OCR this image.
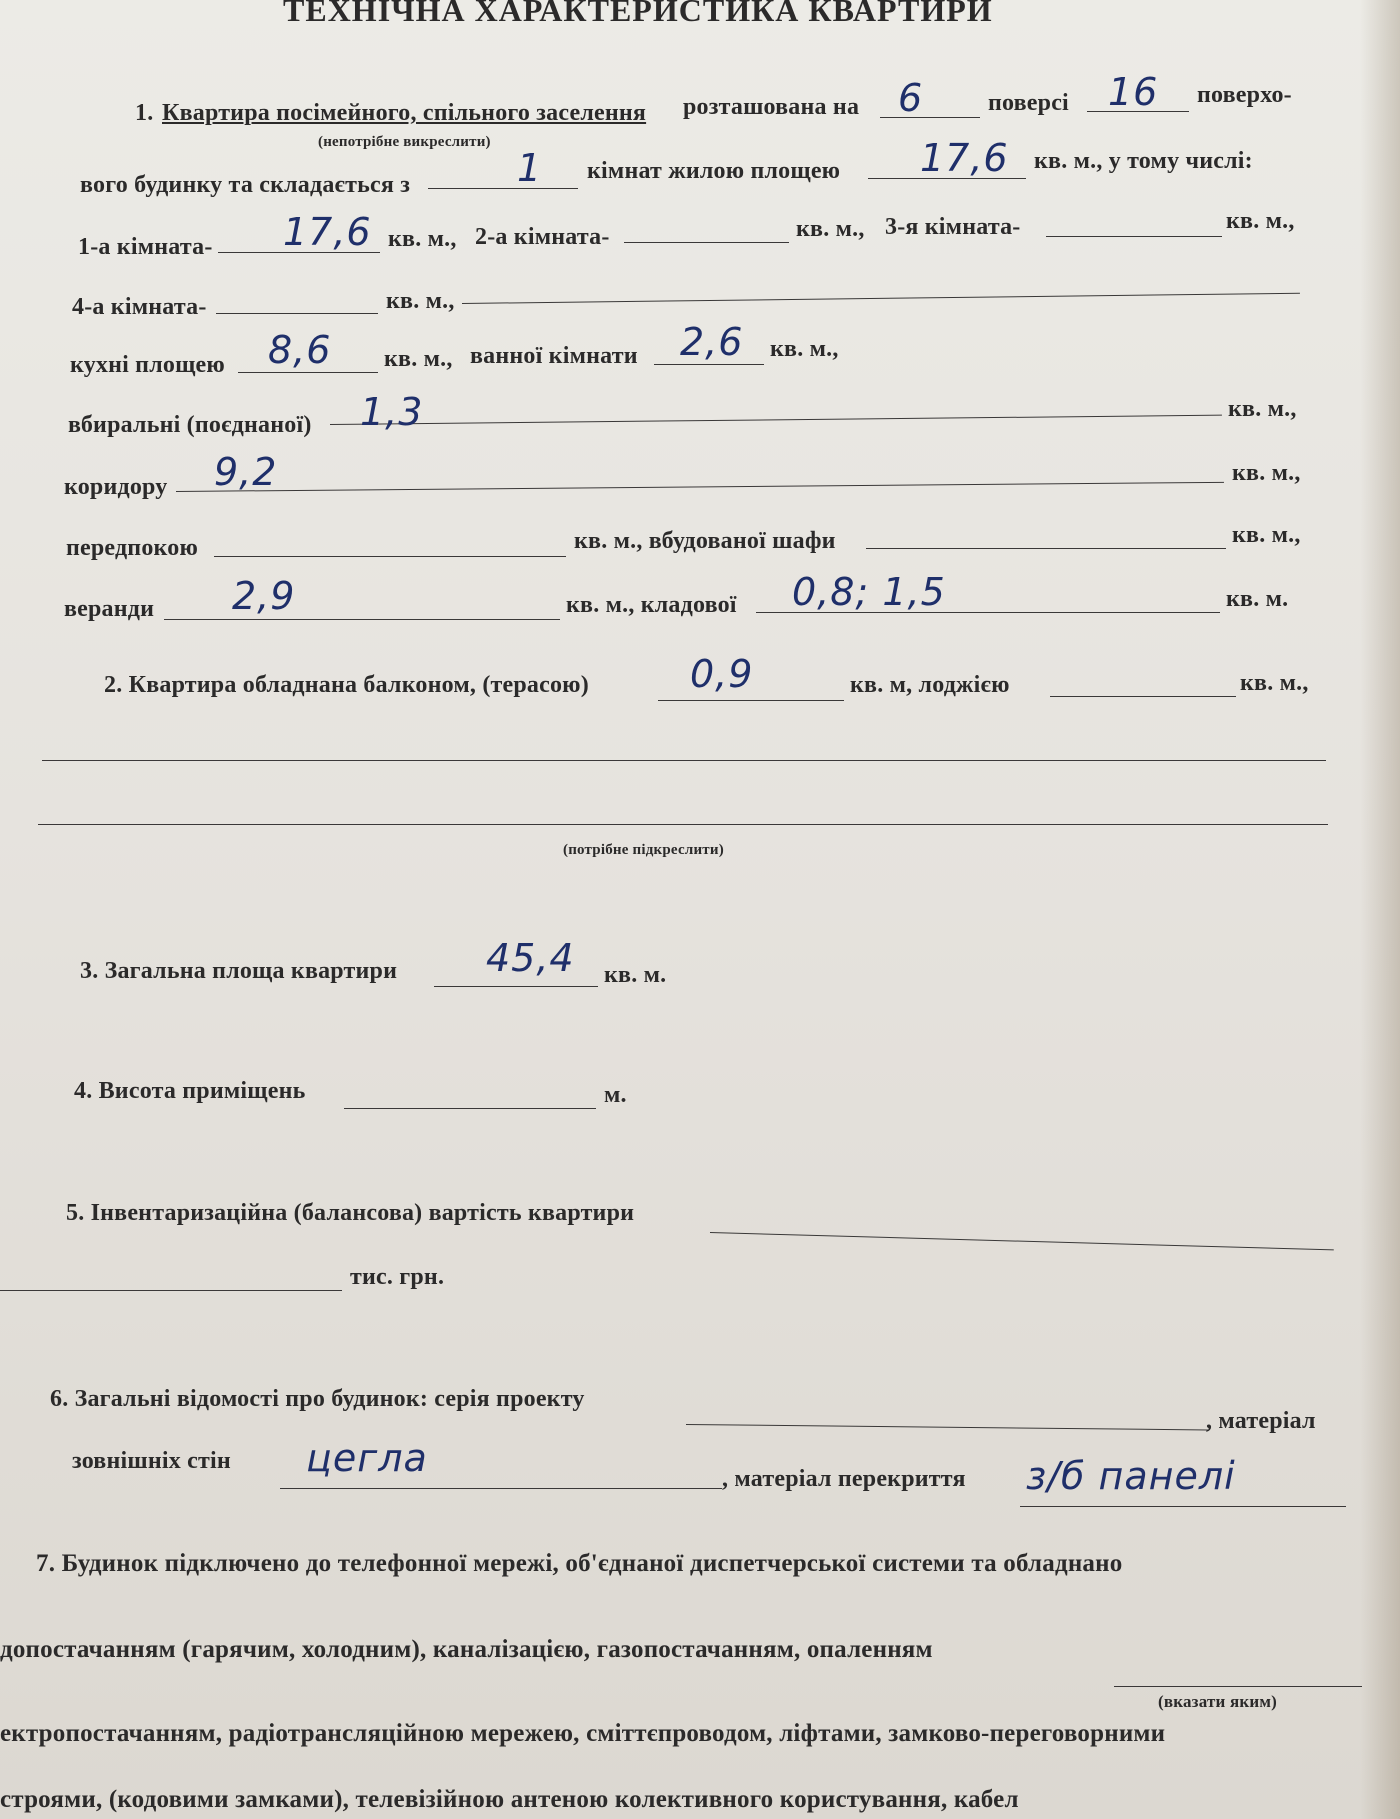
ТЕХНІЧНА ХАРАКТЕРИСТИКА КВАРТИРИ
1. Квартира посімейного, спільного заселення розташована на 6	поверсі 16 поверхо-
(непотрібне викреслити)
вого будинку та складається з	1 кімнат жилою площею 17,6 кв. м., у тому числі:
1-а кімната- 17,6 кв. м., 2-а кімната-	кв. м., 3-я кімната-	кв. м.,
4-а кімната-	кв. м.,
кухні площею 8,6 кв. м., ванної кімнати 2,6 кв. м.,
вбиральні (поєднаної) 1,3	кв. м.,
коридору 9,2	кв. м.,
передпокою	кв. м., вбудованої шафи	кв. м.,
веранди 2,9	кв. м., кладової 0,8; 1,5	кв. м.
2. Квартира обладнана балконом, (терасою)	0,9	кв. м, лоджією	кв. м.,
(потрібне підкреслити)
3. Загальна площа квартири 45,4 кв. м.
4. Висота приміщень	м.
5. Інвентаризаційна (балансова) вартість квартири
тис. грн.
6. Загальні відомості про будинок: серія проекту
, матеріал
зовнішніх стін цегла	, матеріал перекриття з/б панелі
7. Будинок підключено до телефонної мережі, об'єднаної диспетчерської системи та обладнано
допостачанням (гарячим, холодним), каналізацією, газопостачанням, опаленням
(вказати яким)
ектропостачанням, радіотрансляційною мережею, сміттєпроводом, ліфтами, замково-переговорними
строями, (кодовими замками), телевізійною антеною колективного користування, кабел
